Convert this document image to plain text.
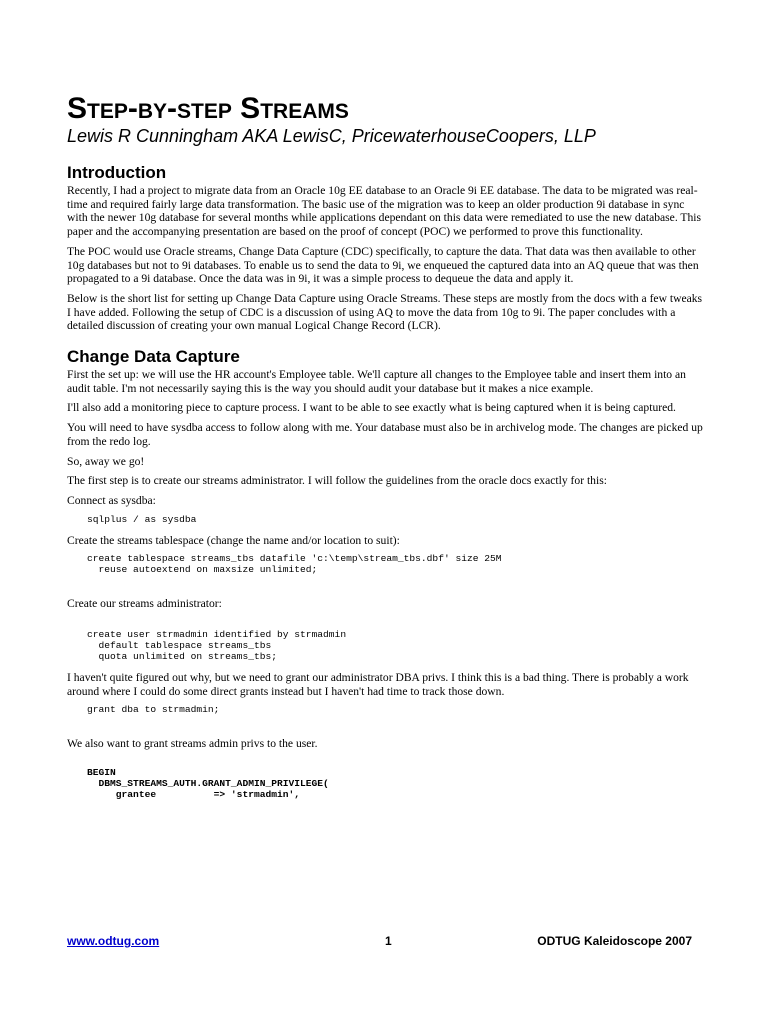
Step-by-step Streams
Lewis R Cunningham AKA LewisC, PricewaterhouseCoopers, LLP
Introduction

Recently, I had a project to migrate data from an Oracle 10g EE database to an Oracle 9i EE database. The data to be migrated was real-time and required fairly large data transformation. The basic use of the migration was to keep an older production 9i database in sync with the newer 10g database for several months while applications dependant on this data were remediated to use the new database. This paper and the accompanying presentation are based on the proof of concept (POC) we performed to prove this functionality.

The POC would use Oracle streams, Change Data Capture (CDC) specifically, to capture the data. That data was then available to other 10g databases but not to 9i databases. To enable us to send the data to 9i, we enqueued the captured data into an AQ queue that was then propagated to a 9i database. Once the data was in 9i, it was a simple process to dequeue the data and apply it.

Below is the short list for setting up Change Data Capture using Oracle Streams. These steps are mostly from the docs with a few tweaks I have added. Following the setup of CDC is a discussion of using AQ to move the data from 10g to 9i. The paper concludes with a detailed discussion of creating your own manual Logical Change Record (LCR).

Change Data Capture

First the set up: we will use the HR account's Employee table. We'll capture all changes to the Employee table and insert them into an audit table. I'm not necessarily saying this is the way you should audit your database but it makes a nice example.

I'll also add a monitoring piece to capture process. I want to be able to see exactly what is being captured when it is being captured.

You will need to have sysdba access to follow along with me. Your database must also be in archivelog mode. The changes are picked up from the redo log.

So, away we go!

The first step is to create our streams administrator. I will follow the guidelines from the oracle docs exactly for this:

Connect as sysdba:

sqlplus / as sysdba

Create the streams tablespace (change the name and/or location to suit):

create tablespace streams_tbs datafile 'c:\temp\stream_tbs.dbf' size 25M
reuse autoextend on maxsize unlimited;

Create our streams administrator:

create user strmadmin identified by strmadmin
default tablespace streams_tbs
quota unlimited on streams_tbs;

I haven't quite figured out why, but we need to grant our administrator DBA privs. I think this is a bad thing. There is probably a work around where I could do some direct grants instead but I haven't had time to track those down.

grant dba to strmadmin;

We also want to grant streams admin privs to the user.

BEGIN
DBMS_STREAMS_AUTH.GRANT_ADMIN_PRIVILEGE(
grantee          => 'strmadmin',
www.odtug.com	1	ODTUG Kaleidoscope 2007
